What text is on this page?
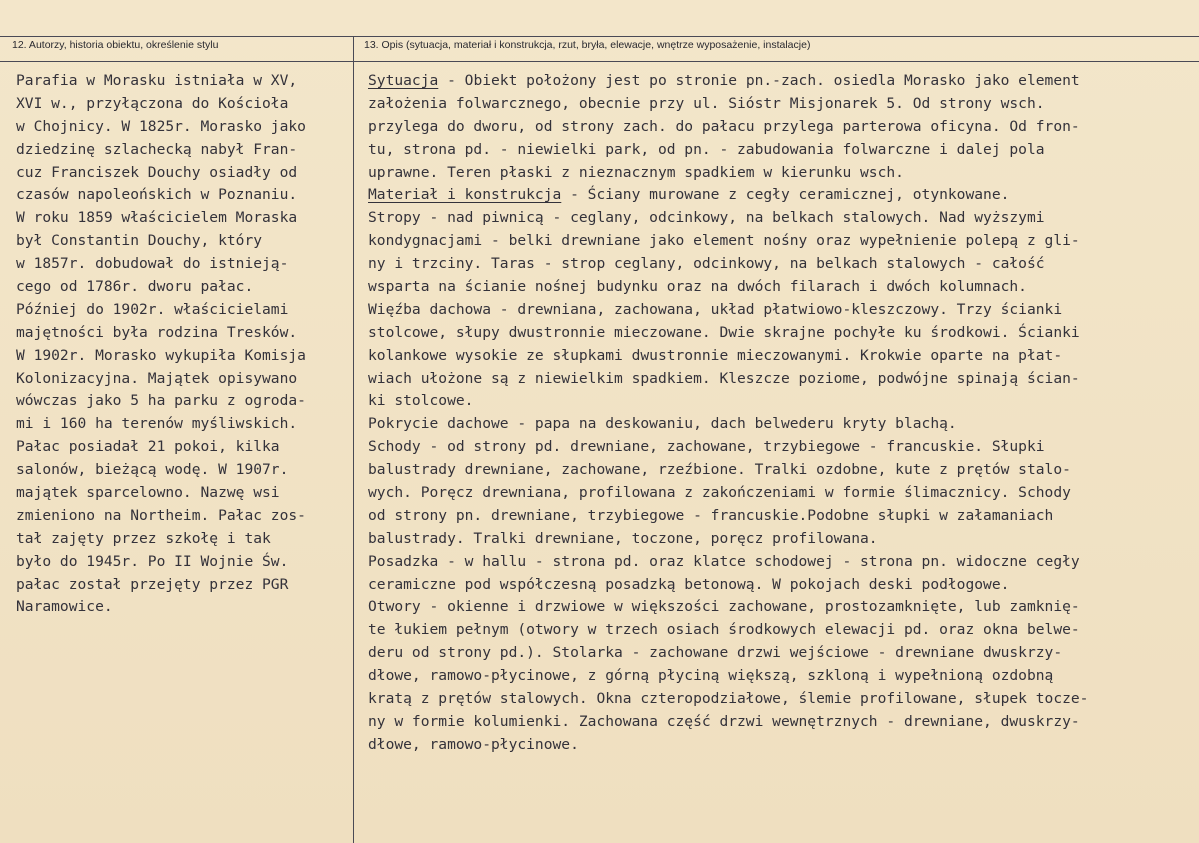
12. Autorzy, historia obiektu, określenie stylu	13. Opis (sytuacja, materiał i konstrukcja, rzut, bryła, elewacje, wnętrze wyposażenie, instalacje)
Parafia w Morasku istniała w XV,
XVI w., przyłączona do Kościoła
w Chojnicy. W 1825r. Morasko jako
dziedzinę szlachecką nabył Fran-
cuz Franciszek Douchy osiadły od
czasów napoleońskich w Poznaniu.
W roku 1859 właścicielem Moraska
był Constantin Douchy, który
w 1857r. dobudował do istnieją-
cego od 1786r. dworu pałac.
Później do 1902r. właścicielami
majętności była rodzina Tresków.
W 1902r. Morasko wykupiła Komisja
Kolonizacyjna. Majątek opisywano
wówczas jako 5 ha parku z ogroda-
mi i 160 ha terenów myśliwskich.
Pałac posiadał 21 pokoi, kilka
salonów, bieżącą wodę. W 1907r.
majątek sparcelowno. Nazwę wsi
zmieniono na Northeim. Pałac zos-
tał zajęty przez szkołę i tak
było do 1945r. Po II Wojnie Św.
pałac został przejęty przez PGR
Naramowice.
Sytuacja - Obiekt położony jest po stronie pn.-zach. osiedla Morasko jako element
założenia folwarcznego, obecnie przy ul. Sióstr Misjonarek 5. Od strony wsch.
przylega do dworu, od strony zach. do pałacu przylega parterowa oficyna. Od fron-
tu, strona pd. - niewielki park, od pn. - zabudowania folwarczne i dalej pola
uprawne. Teren płaski z nieznacznym spadkiem w kierunku wsch.
Materiał i konstrukcja - Ściany murowane z cegły ceramicznej, otynkowane.
Stropy - nad piwnicą - ceglany, odcinkowy, na belkach stalowych. Nad wyższymi
kondygnacjami - belki drewniane jako element nośny oraz wypełnienie polepą z gli-
ny i trzciny. Taras - strop ceglany, odcinkowy, na belkach stalowych - całość
wsparta na ścianie nośnej budynku oraz na dwóch filarach i dwóch kolumnach.
Więźba dachowa - drewniana, zachowana, układ płatwiowo-kleszczowy. Trzy ścianki
stolcowe, słupy dwustronnie mieczowane. Dwie skrajne pochyłe ku środkowi. Ścianki
kolankowe wysokie ze słupkami dwustronnie mieczowanymi. Krokwie oparte na płat-
wiach ułożone są z niewielkim spadkiem. Kleszcze poziome, podwójne spinają ścian-
ki stolcowe.
Pokrycie dachowe - papa na deskowaniu, dach belwederu kryty blachą.
Schody - od strony pd. drewniane, zachowane, trzybiegowe - francuskie. Słupki
balustrady drewniane, zachowane, rzeźbione. Tralki ozdobne, kute z prętów stalo-
wych. Poręcz drewniana, profilowana z zakończeniami w formie ślimacznicy. Schody
od strony pn. drewniane, trzybiegowe - francuskie.Podobne słupki w załamaniach
balustrady. Tralki drewniane, toczone, poręcz profilowana.
Posadzka - w hallu - strona pd. oraz klatce schodowej - strona pn. widoczne cegły
ceramiczne pod współczesną posadzką betonową. W pokojach deski podłogowe.
Otwory - okienne i drzwiowe w większości zachowane, prostozamknięte, lub zamknię-
te łukiem pełnym (otwory w trzech osiach środkowych elewacji pd. oraz okna belwe-
deru od strony pd.). Stolarka - zachowane drzwi wejściowe - drewniane dwuskrzy-
dłowe, ramowo-płycinowe, z górną płyciną większą, szkloną i wypełnioną ozdobną
kratą z prętów stalowych. Okna czteropodziałowe, ślemie profilowane, słupek tocze-
ny w formie kolumienki. Zachowana część drzwi wewnętrznych - drewniane, dwuskrzy-
dłowe, ramowo-płycinowe.
